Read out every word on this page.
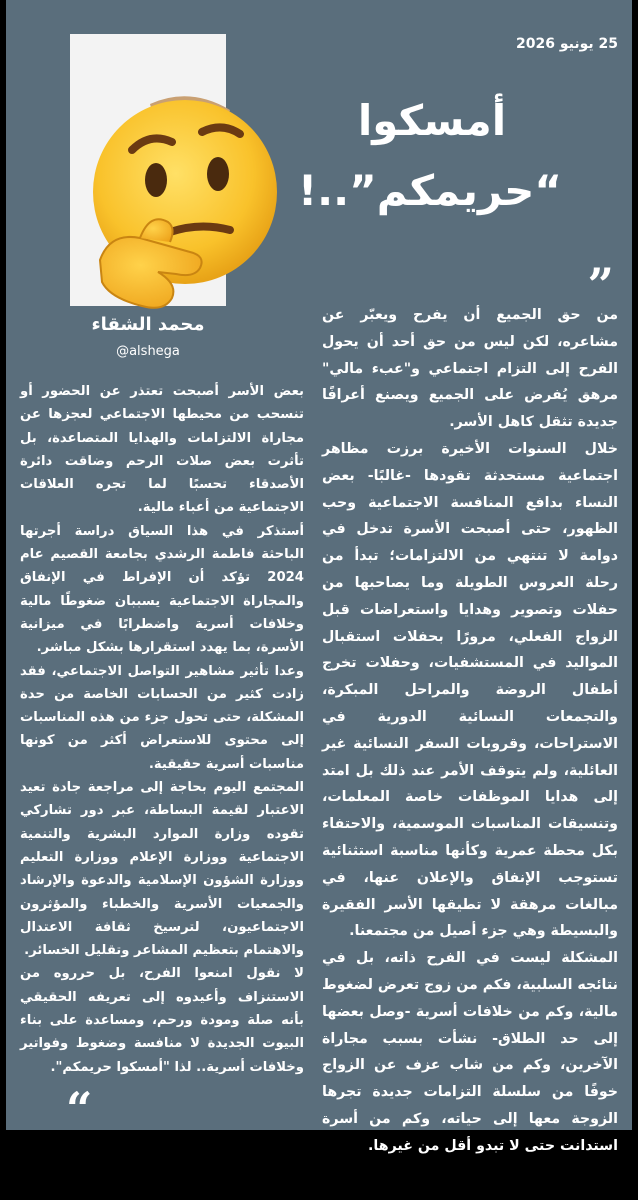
25 يونيو 2026
أمسكوا
“حريمكم”..!
محمد الشقاء
@alshega
”

من حق الجميع أن يفرح ويعبّر عن مشاعره، لكن ليس من حق أحد أن يحول الفرح إلى التزام اجتماعي و"عبء مالي" مرهق يُفرض على الجميع ويصنع أعرافًا جديدة تثقل كاهل الأسر.

خلال السنوات الأخيرة برزت مظاهر اجتماعية مستحدثة تقودها -غالبًا- بعض النساء بدافع المنافسة الاجتماعية وحب الظهور، حتى أصبحت الأسرة تدخل في دوامة لا تنتهي من الالتزامات؛ تبدأ من رحلة العروس الطويلة وما يصاحبها من حفلات وتصوير وهدايا واستعراضات قبل الزواج الفعلي، مرورًا بحفلات استقبال المواليد في المستشفيات، وحفلات تخرج أطفال الروضة والمراحل المبكرة، والتجمعات النسائية الدورية في الاستراحات، وقروبات السفر النسائية غير العائلية، ولم يتوقف الأمر عند ذلك بل امتد إلى هدايا الموظفات خاصة المعلمات، وتنسيقات المناسبات الموسمية، والاحتفاء بكل محطة عمرية وكأنها مناسبة استثنائية تستوجب الإنفاق والإعلان عنها، في مبالغات مرهقة لا تطيقها الأسر الفقيرة والبسيطة وهي جزء أصيل من مجتمعنا.

المشكلة ليست في الفرح ذاته، بل في نتائجه السلبية، فكم من زوج تعرض لضغوط مالية، وكم من خلافات أسرية -وصل بعضها إلى حد الطلاق- نشأت بسبب مجاراة الآخرين، وكم من شاب عزف عن الزواج خوفًا من سلسلة التزامات جديدة تجرها الزوجة معها إلى حياته، وكم من أسرة استدانت حتى لا تبدو أقل من غيرها.

بعض الأسر أصبحت تعتذر عن الحضور أو تنسحب من محيطها الاجتماعي لعجزها عن مجاراة الالتزامات والهدايا المتصاعدة، بل تأثرت بعض صلات الرحم وضاقت دائرة الأصدقاء تحسبًا لما تجره العلاقات الاجتماعية من أعباء مالية.

أستذكر في هذا السياق دراسة أجرتها الباحثة فاطمة الرشدي بجامعة القصيم عام 2024 تؤكد أن الإفراط في الإنفاق والمجاراة الاجتماعية يسببان ضغوطًا مالية وخلافات أسرية واضطرابًا في ميزانية الأسرة، بما يهدد استقرارها بشكل مباشر.

وعدا تأثير مشاهير التواصل الاجتماعي، فقد زادت كثير من الحسابات الخاصة من حدة المشكلة، حتى تحول جزء من هذه المناسبات إلى محتوى للاستعراض أكثر من كونها مناسبات أسرية حقيقية.

المجتمع اليوم بحاجة إلى مراجعة جادة تعيد الاعتبار لقيمة البساطة، عبر دور تشاركي تقوده وزارة الموارد البشرية والتنمية الاجتماعية ووزارة الإعلام ووزارة التعليم ووزارة الشؤون الإسلامية والدعوة والإرشاد والجمعيات الأسرية والخطباء والمؤثرون الاجتماعيون، لترسيخ ثقافة الاعتدال والاهتمام بتعظيم المشاعر وتقليل الخسائر.

لا نقول امنعوا الفرح، بل حرروه من الاستنزاف وأعيدوه إلى تعريفه الحقيقي بأنه صلة ومودة ورحم، ومساعدة على بناء البيوت الجديدة لا منافسة وضغوط وفواتير وخلافات أسرية.. لذا "أمسكوا حريمكم".

“
